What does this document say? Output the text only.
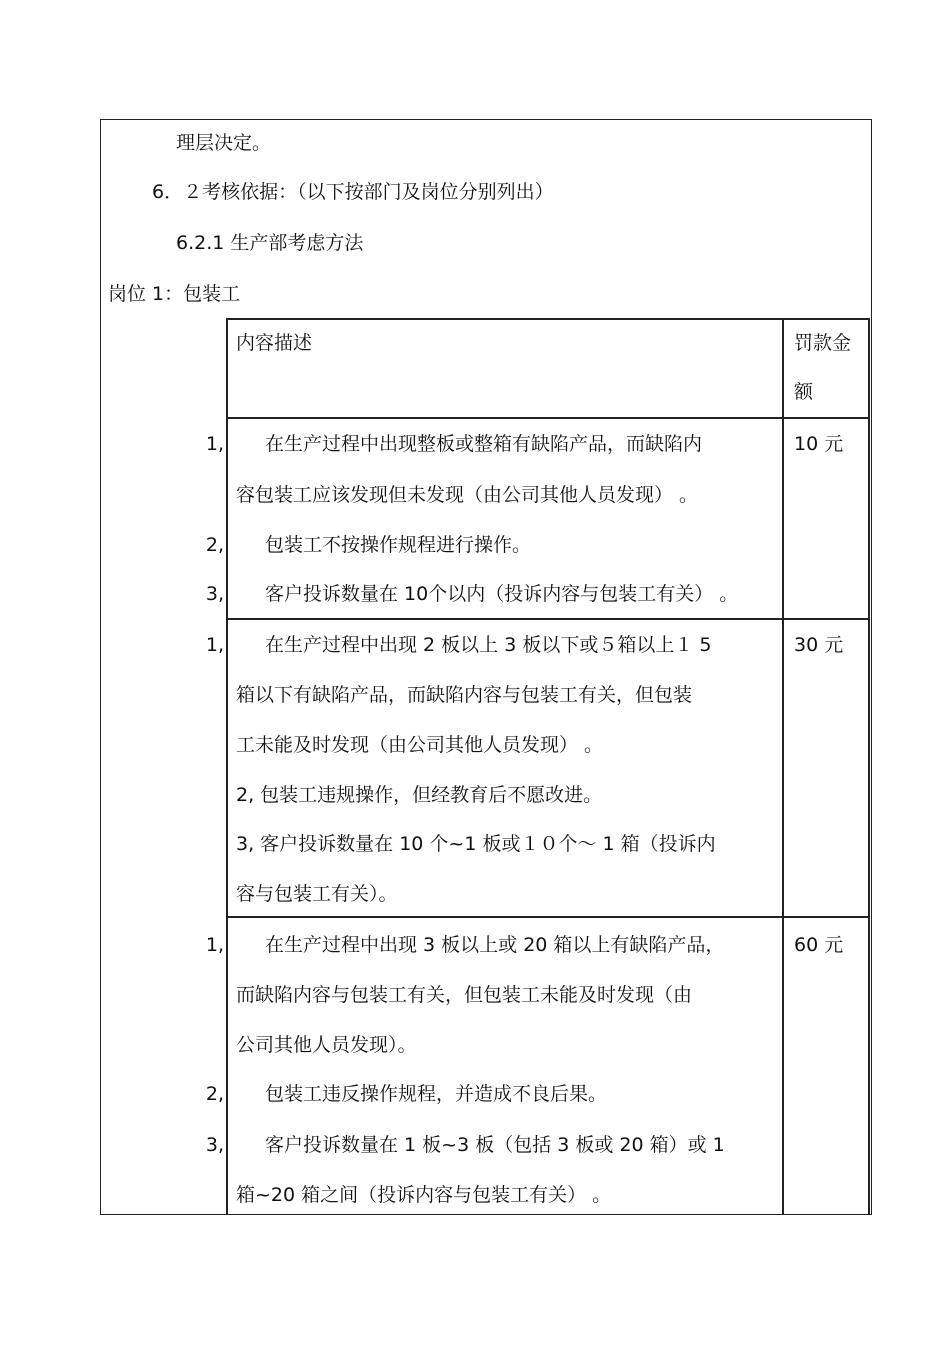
理层决定。
6．２考核依据：（以下按部门及岗位分别列出）
6.2.1 生产部考虑方法
岗位 1：包装工
内容描述	罚款金
额
1, 在生产过程中出现整板或整箱有缺陷产品，而缺陷内
容包装工应该发现但未发现（由公司其他人员发现） 。
2, 包装工不按操作规程进行操作。
3, 客户投诉数量在 10个以内（投诉内容与包装工有关） 。
10 元
1, 在生产过程中出现 2 板以上 3 板以下或５箱以上１ 5
箱以下有缺陷产品，而缺陷内容与包装工有关，但包装
工未能及时发现（由公司其他人员发现） 。
2, 包装工违规操作，但经教育后不愿改进。
3, 客户投诉数量在 10 个~1 板或１０个～ 1 箱（投诉内
容与包装工有关）。
30 元
1, 在生产过程中出现 3 板以上或 20 箱以上有缺陷产品，
而缺陷内容与包装工有关，但包装工未能及时发现（由
公司其他人员发现）。
2, 包装工违反操作规程，并造成不良后果。
3, 客户投诉数量在 1 板~3 板（包括 3 板或 20 箱）或 1
箱~20 箱之间（投诉内容与包装工有关） 。
60 元
